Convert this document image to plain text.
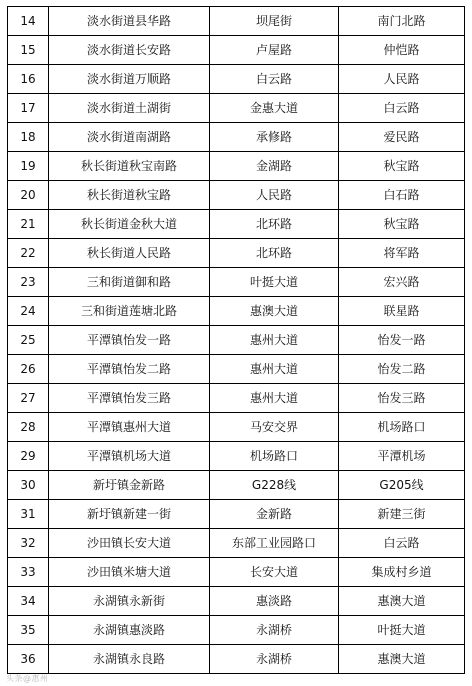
14	淡水街道县华路	坝尾街	南门北路
15	淡水街道长安路	卢屋路	仲恺路
16	淡水街道万顺路	白云路	人民路
17	淡水街道土湖街	金惠大道	白云路
18	淡水街道南湖路	承修路	爱民路
19	秋长街道秋宝南路	金湖路	秋宝路
20	秋长街道秋宝路	人民路	白石路
21	秋长街道金秋大道	北环路	秋宝路
22	秋长街道人民路	北环路	将军路
23	三和街道御和路	叶挺大道	宏兴路
24	三和街道莲塘北路	惠澳大道	联星路
25	平潭镇怡发一路	惠州大道	怡发一路
26	平潭镇怡发二路	惠州大道	怡发二路
27	平潭镇怡发三路	惠州大道	怡发三路
28	平潭镇惠州大道	马安交界	机场路口
29	平潭镇机场大道	机场路口	平潭机场
30	新圩镇金新路	G228线	G205线
31	新圩镇新建一街	金新路	新建三街
32	沙田镇长安大道	东部工业园路口	白云路
33	沙田镇米塘大道	长安大道	集成村乡道
34	永湖镇永新街	惠淡路	惠澳大道
35	永湖镇惠淡路	永湖桥	叶挺大道
36	永湖镇永良路	永湖桥	惠澳大道
头条@惠州
